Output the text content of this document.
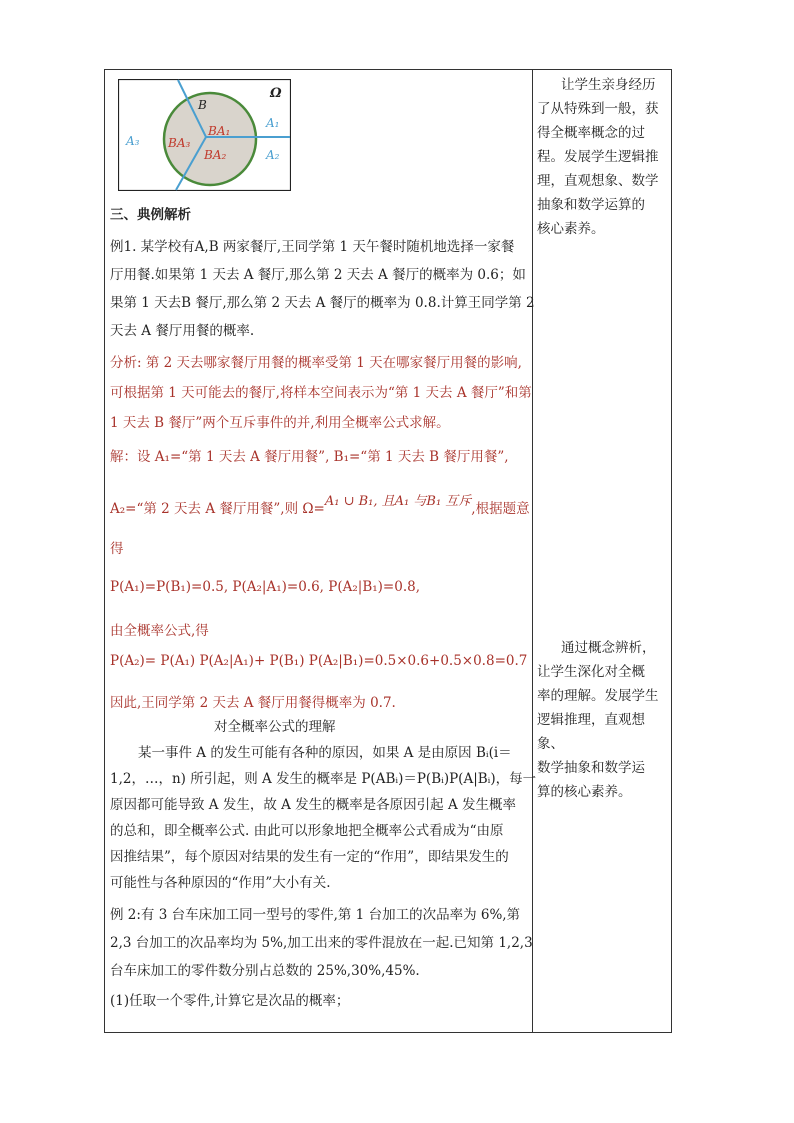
Ω
B
BA₁
BA₂
BA₃
A₁
A₂
A₃
三、典例解析
例1. 某学校有A,B 两家餐厅,王同学第 1 天午餐时随机地选择一家餐
厅用餐.如果第 1 天去 A 餐厅,那么第 2 天去 A 餐厅的概率为 0.6；如
果第 1 天去B 餐厅,那么第 2 天去 A 餐厅的概率为 0.8.计算王同学第 2
天去 A 餐厅用餐的概率.
分析: 第 2 天去哪家餐厅用餐的概率受第 1 天在哪家餐厅用餐的影响,
可根据第 1 天可能去的餐厅,将样本空间表示为“第 1 天去 A 餐厅”和第
1 天去 B 餐厅”两个互斥事件的并,利用全概率公式求解。
解：设 A₁=“第 1 天去 A 餐厅用餐”, B₁=“第 1 天去 B 餐厅用餐”,
A₂=“第 2 天去 A 餐厅用餐”,则 Ω=A₁ ∪ B₁, 且A₁ 与B₁ 互斥,根据题意
得
P(A₁)=P(B₁)=0.5, P(A₂|A₁)=0.6, P(A₂|B₁)=0.8,
由全概率公式,得
P(A₂)= P(A₁) P(A₂|A₁)+ P(B₁) P(A₂|B₁)=0.5×0.6+0.5×0.8=0.7
因此,王同学第 2 天去 A 餐厅用餐得概率为 0.7.
对全概率公式的理解
某一事件 A 的发生可能有各种的原因，如果 A 是由原因 Bᵢ(i＝
1,2，…，n) 所引起，则 A 发生的概率是 P(ABᵢ)＝P(Bᵢ)P(A|Bᵢ)，每一
原因都可能导致 A 发生，故 A 发生的概率是各原因引起 A 发生概率
的总和，即全概率公式. 由此可以形象地把全概率公式看成为“由原
因推结果”，每个原因对结果的发生有一定的“作用”，即结果发生的
可能性与各种原因的“作用”大小有关.
例 2:有 3 台车床加工同一型号的零件,第 1 台加工的次品率为 6%,第
2,3 台加工的次品率均为 5%,加工出来的零件混放在一起.已知第 1,2,3
台车床加工的零件数分别占总数的 25%,30%,45%.
(1)任取一个零件,计算它是次品的概率；
让学生亲身经历
了从特殊到一般，获
得全概率概念的过
程。发展学生逻辑推
理，直观想象、数学
抽象和数学运算的
核心素养。
通过概念辨析，
让学生深化对全概
率的理解。发展学生
逻辑推理，直观想象、
数学抽象和数学运
算的核心素养。
